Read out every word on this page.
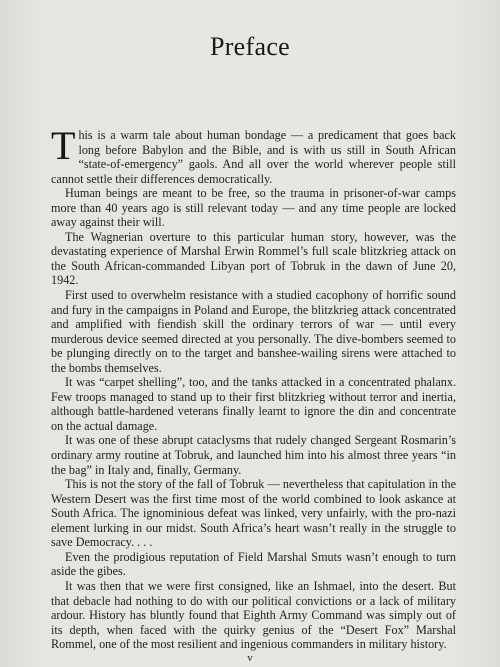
Preface

This is a warm tale about human bondage — a predicament that goes back long before Babylon and the Bible, and is with us still in South African “state-of-emergency” gaols. And all over the world wherever people still cannot settle their differences democratically.

Human beings are meant to be free, so the trauma in prisoner-of-war camps more than 40 years ago is still relevant today — and any time people are locked away against their will.

The Wagnerian overture to this particular human story, however, was the devastating experience of Marshal Erwin Rommel’s full scale blitzkrieg attack on the South African-commanded Libyan port of Tobruk in the dawn of June 20, 1942.

First used to overwhelm resistance with a studied cacophony of horrific sound and fury in the campaigns in Poland and Europe, the blitzkrieg attack concentrated and amplified with fiendish skill the ordinary terrors of war — until every murderous device seemed directed at you personally. The dive-bombers seemed to be plunging directly on to the target and banshee-wailing sirens were attached to the bombs themselves.

It was “carpet shelling”, too, and the tanks attacked in a concentrated phalanx. Few troops managed to stand up to their first blitzkrieg without terror and inertia, although battle-hardened veterans finally learnt to ignore the din and concentrate on the actual damage.

It was one of these abrupt cataclysms that rudely changed Sergeant Rosmarin’s ordinary army routine at Tobruk, and launched him into his almost three years “in the bag” in Italy and, finally, Germany.

This is not the story of the fall of Tobruk — nevertheless that capitulation in the Western Desert was the first time most of the world combined to look askance at South Africa. The ignominious defeat was linked, very unfairly, with the pro-nazi element lurking in our midst. South Africa’s heart wasn’t really in the struggle to save Democracy. . . .

Even the prodigious reputation of Field Marshal Smuts wasn’t enough to turn aside the gibes.

It was then that we were first consigned, like an Ishmael, into the desert. But that debacle had nothing to do with our political convictions or a lack of military ardour. History has bluntly found that Eighth Army Command was simply out of its depth, when faced with the quirky genius of the “Desert Fox” Marshal Rommel, one of the most resilient and ingenious commanders in military history.

v
